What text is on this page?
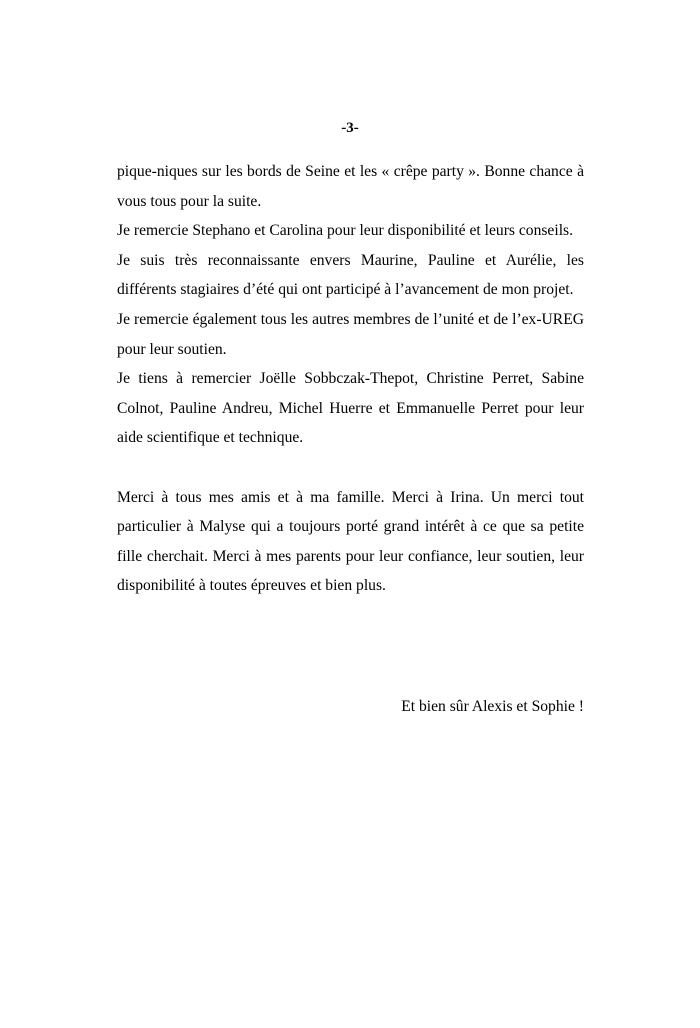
-3-

pique-niques sur les bords de Seine et les « crêpe party ». Bonne chance à vous tous pour la suite.

Je remercie Stephano et Carolina pour leur disponibilité et leurs conseils.

Je suis très reconnaissante envers Maurine, Pauline et Aurélie, les différents stagiaires d’été qui ont participé à l’avancement de mon projet.

Je remercie également tous les autres membres de l’unité et de l’ex-UREG pour leur soutien.

Je tiens à remercier Joëlle Sobbczak-Thepot, Christine Perret, Sabine Colnot, Pauline Andreu, Michel Huerre et Emmanuelle Perret pour leur aide scientifique et technique.

Merci à tous mes amis et à ma famille. Merci à Irina. Un merci tout particulier à Malyse qui a toujours porté grand intérêt à ce que sa petite fille cherchait. Merci à mes parents pour leur confiance, leur soutien, leur disponibilité à toutes épreuves et bien plus.

Et bien sûr Alexis et Sophie !
